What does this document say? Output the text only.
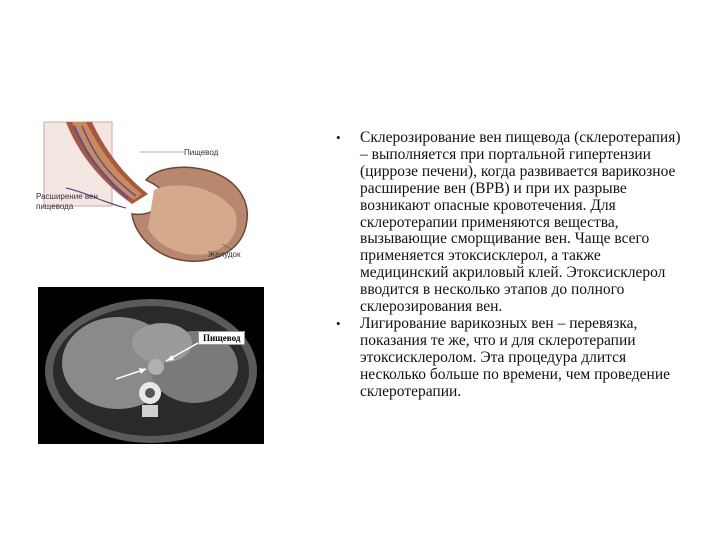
Пищевод
Расширение вен пищевода
Желудок
Пищевод
• Склерозирование вен пищевода (склеротерапия) – выполняется при портальной гипертензии (циррозе печени), когда развивается варикозное расширение вен (ВРВ) и при их разрыве возникают опасные кровотечения. Для склеротерапии применяются вещества, вызывающие сморщивание вен. Чаще всего применяется этоксисклерол, а также медицинский акриловый клей. Этоксисклерол вводится в несколько этапов до полного склерозирования вен.
• Лигирование варикозных вен – перевязка, показания те же, что и для склеротерапии этоксисклеролом. Эта процедура длится несколько больше по времени, чем проведение склеротерапии.
